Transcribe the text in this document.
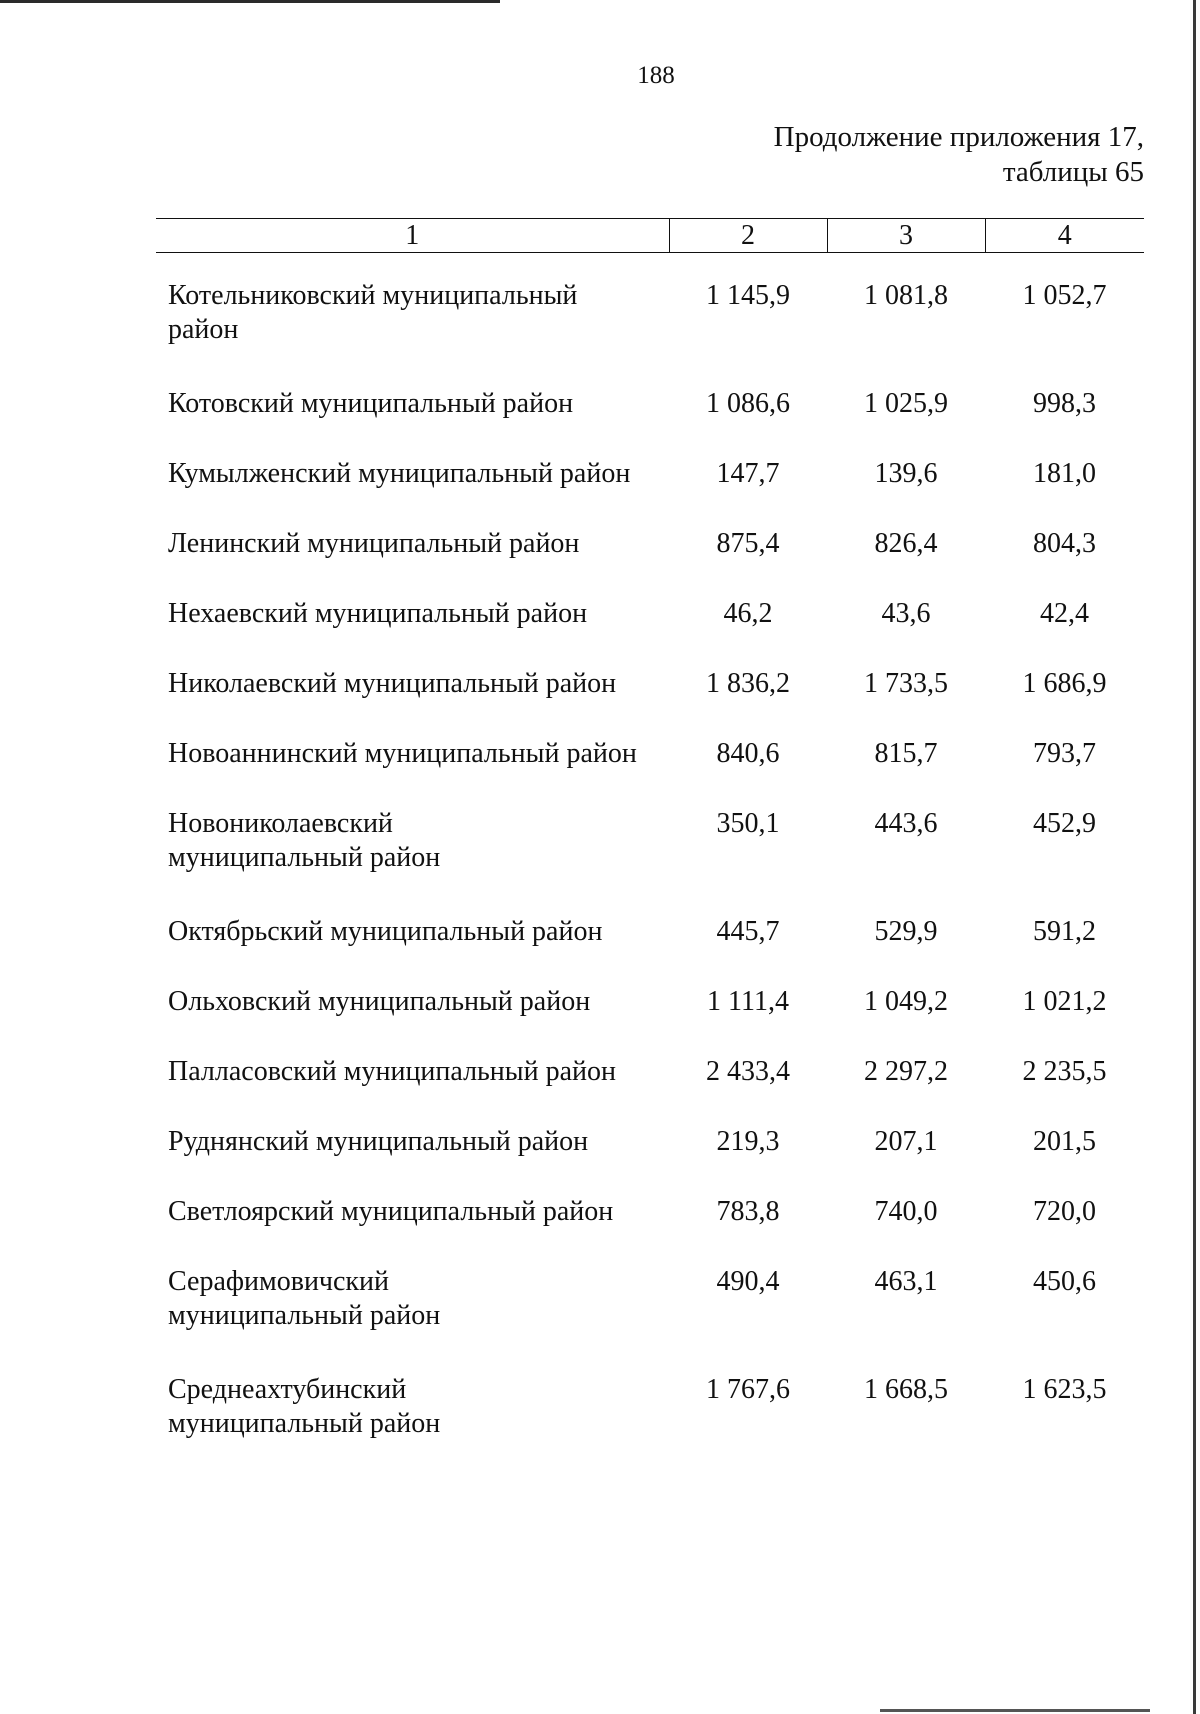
188
Продолжение приложения 17,
таблицы 65
1	2	3	4
Котельниковский муниципальный район	1 145,9	1 081,8	1 052,7
Котовский муниципальный район	1 086,6	1 025,9	998,3
Кумылженский муниципальный район	147,7	139,6	181,0
Ленинский муниципальный район	875,4	826,4	804,3
Нехаевский муниципальный район	46,2	43,6	42,4
Николаевский муниципальный район	1 836,2	1 733,5	1 686,9
Новоаннинский муниципальный район	840,6	815,7	793,7
Новониколаевский муниципальный район	350,1	443,6	452,9
Октябрьский муниципальный район	445,7	529,9	591,2
Ольховский муниципальный район	1 111,4	1 049,2	1 021,2
Палласовский муниципальный район	2 433,4	2 297,2	2 235,5
Руднянский муниципальный район	219,3	207,1	201,5
Светлоярский муниципальный район	783,8	740,0	720,0
Серафимовичский муниципальный район	490,4	463,1	450,6
Среднеахтубинский муниципальный район	1 767,6	1 668,5	1 623,5
